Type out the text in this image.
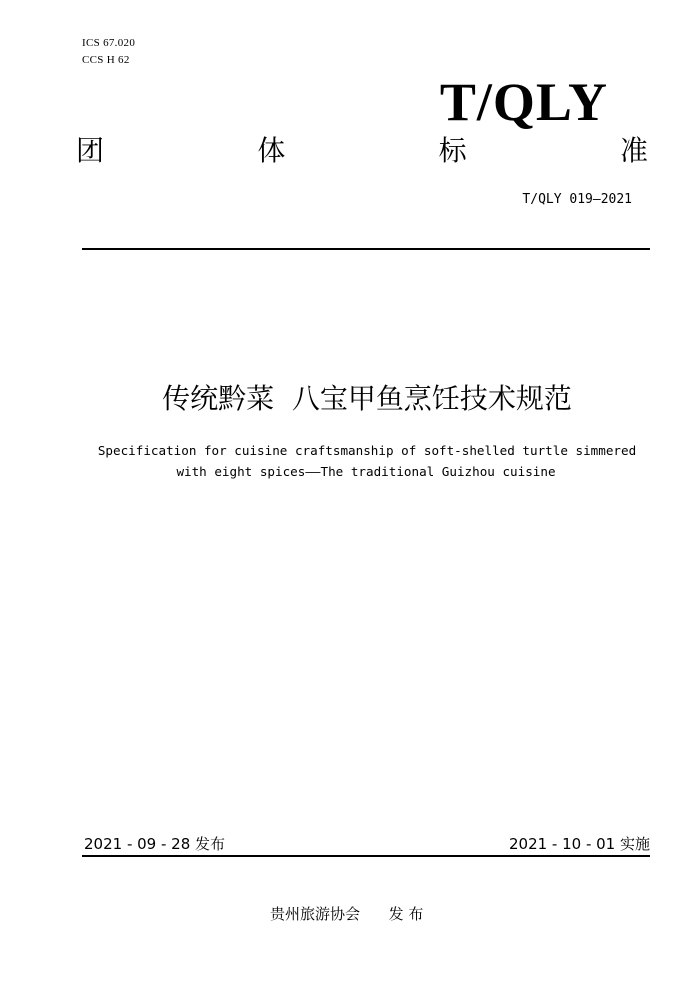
ICS 67.020
CCS H 62
T/QLY
团	体	标	准
T/QLY 019—2021
传统黔菜  八宝甲鱼烹饪技术规范
Specification for cuisine craftsmanship of soft-shelled turtle simmered
with eight spices——The traditional Guizhou cuisine
2021 - 09 - 28 发布	2021 - 10 - 01 实施
贵州旅游协会      发 布
